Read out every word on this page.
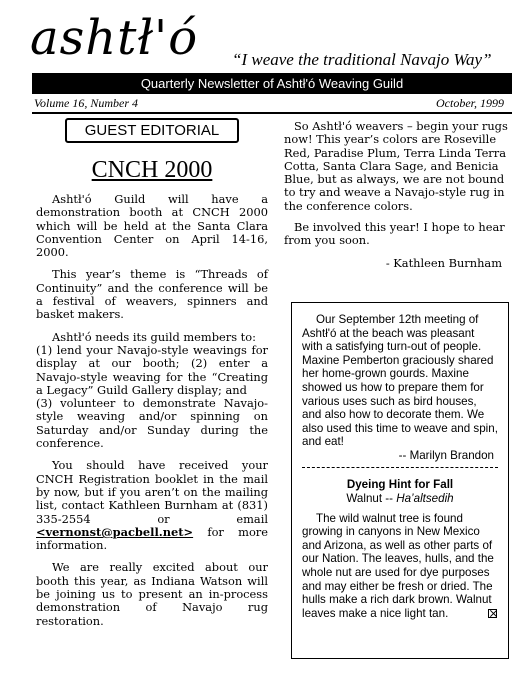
ashtł'ó “I weave the traditional Navajo Way”
Quarterly Newsletter of Ashtł'ó Weaving Guild
Volume 16, Number 4	October, 1999
GUEST EDITORIAL
CNCH 2000

Ashtł'ó Guild will have a demonstration booth at CNCH 2000 which will be held at the Santa Clara Convention Center on April 14-16, 2000.

This year’s theme is “Threads of Continuity” and the conference will be a festival of weavers, spinners and basket makers.

Ashtł'ó needs its guild members to:

(1) lend your Navajo-style weavings for display at our booth; (2) enter a Navajo-style weaving for the “Creating a Legacy” Guild Gallery display; and

(3) volunteer to demonstrate Navajo-style weaving and/or spinning on Saturday and/or Sunday during the conference.

You should have received your CNCH Registration booklet in the mail by now, but if you aren’t on the mailing list, contact Kathleen Burnham at (831) 335-2554 or email <vernonst@pacbell.net> for more information.

We are really excited about our booth this year, as Indiana Watson will be joining us to present an in-process demonstration of Navajo rug restoration.

So Ashtł'ó weavers – begin your rugs now! This year’s colors are Roseville Red, Paradise Plum, Terra Linda Terra Cotta, Santa Clara Sage, and Benicia Blue, but as always, we are not bound to try and weave a Navajo-style rug in the conference colors.

Be involved this year! I hope to hear from you soon.

- Kathleen Burnham

Our September 12th meeting of Ashtł'ó at the beach was pleasant with a satisfying turn-out of people. Maxine Pemberton graciously shared her home-grown gourds. Maxine showed us how to prepare them for various uses such as bird houses, and also how to decorate them. We also used this time to weave and spin, and eat!

-- Marilyn Brandon
Dyeing Hint for Fall
Walnut -- Ha’altsedih

The wild walnut tree is found growing in canyons in New Mexico and Arizona, as well as other parts of our Nation. The leaves, hulls, and the whole nut are used for dye purposes and may either be fresh or dried. The hulls make a rich dark brown. Walnut leaves make a nice light tan.
